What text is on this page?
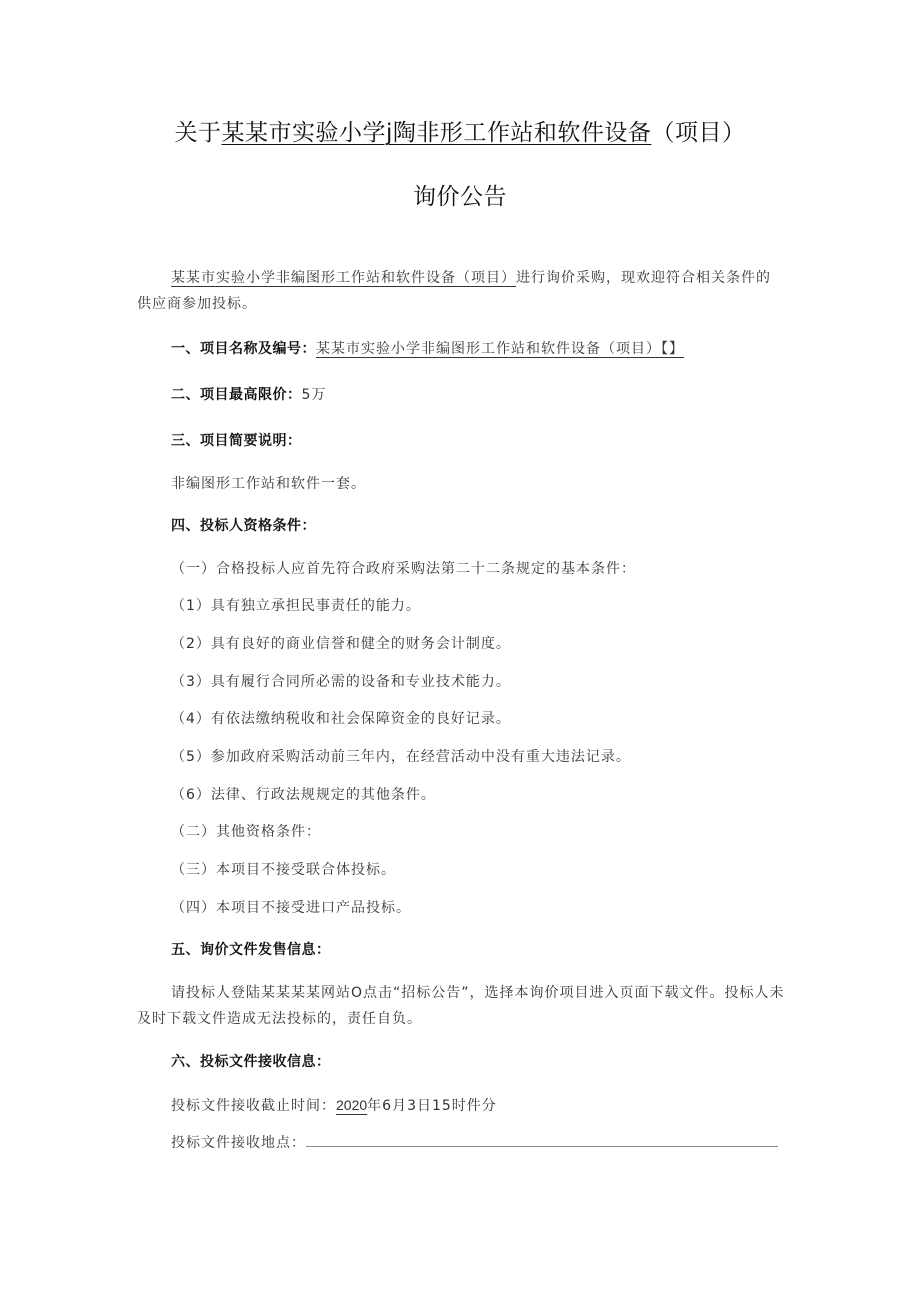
关于某某市实验小学j陶非形工作站和软件设备（项目）
询价公告
某某市实验小学非编图形工作站和软件设备（项目）进行询价采购，现欢迎符合相关条件的供应商参加投标。
一、项目名称及编号：某某市实验小学非编图形工作站和软件设备（项目）【】
二、项目最高限价：5万
三、项目简要说明：
非编图形工作站和软件一套。
四、投标人资格条件：
（一）合格投标人应首先符合政府采购法第二十二条规定的基本条件：
（1）具有独立承担民事责任的能力。
（2）具有良好的商业信誉和健全的财务会计制度。
（3）具有履行合同所必需的设备和专业技术能力。
（4）有依法缴纳税收和社会保障资金的良好记录。
（5）参加政府采购活动前三年内，在经营活动中没有重大违法记录。
（6）法律、行政法规规定的其他条件。
（二）其他资格条件：
（三）本项目不接受联合体投标。
（四）本项目不接受进口产品投标。
五、询价文件发售信息：
请投标人登陆某某某某网站O点击“招标公告”，选择本询价项目进入页面下载文件。投标人未及时下载文件造成无法投标的，责任自负。
六、投标文件接收信息：
投标文件接收截止时间：2020年6月3日15时件分
投标文件接收地点：
